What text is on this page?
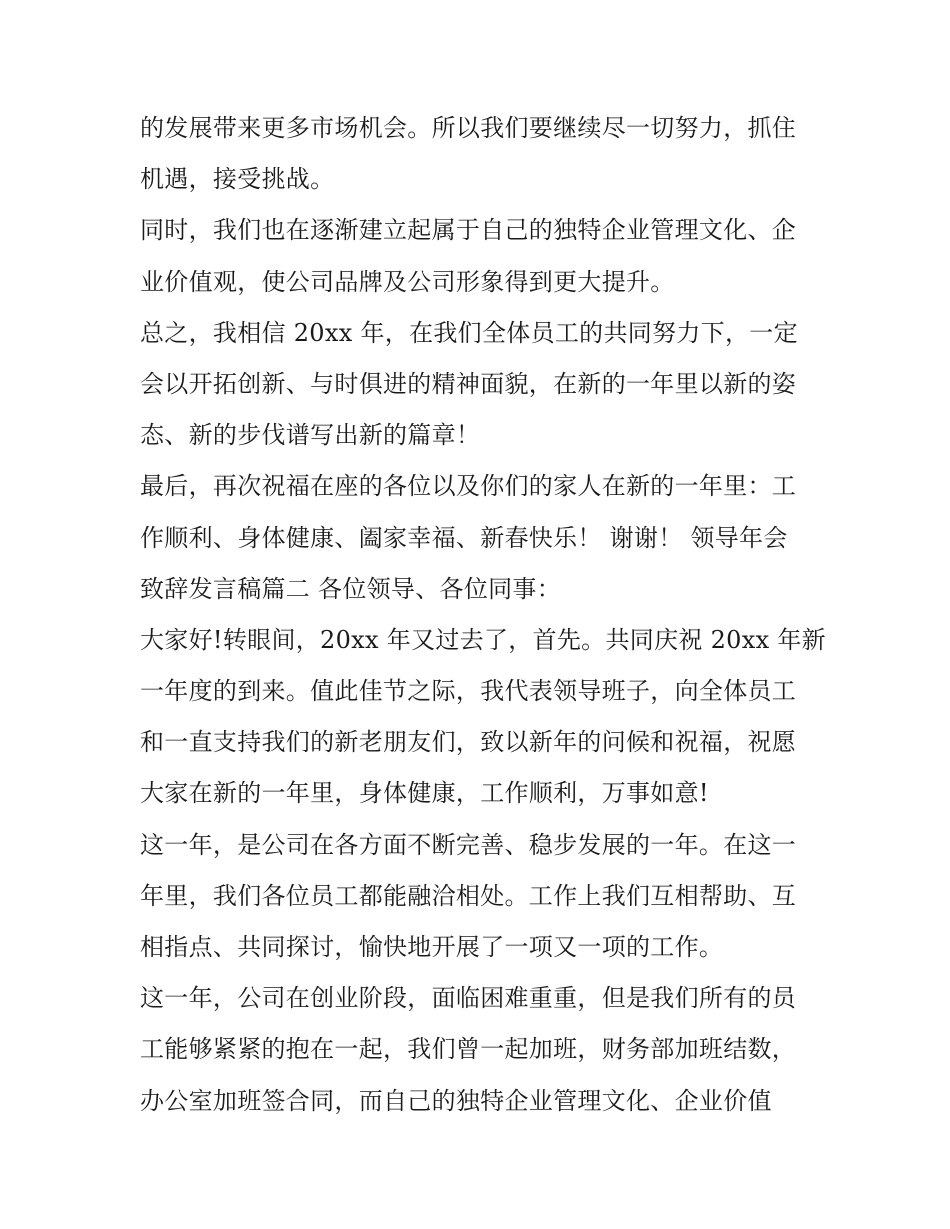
的发展带来更多市场机会。所以我们要继续尽一切努力，抓住
机遇，接受挑战。
同时，我们也在逐渐建立起属于自己的独特企业管理文化、企
业价值观，使公司品牌及公司形象得到更大提升。
总之，我相信 20xx 年，在我们全体员工的共同努力下，一定
会以开拓创新、与时俱进的精神面貌，在新的一年里以新的姿
态、新的步伐谱写出新的篇章！
最后，再次祝福在座的各位以及你们的家人在新的一年里：工
作顺利、身体健康、阖家幸福、新春快乐！ 谢谢！ 领导年会
致辞发言稿篇二 各位领导、各位同事：
大家好!转眼间，20xx 年又过去了，首先。共同庆祝 20xx 年新
一年度的到来。值此佳节之际，我代表领导班子，向全体员工
和一直支持我们的新老朋友们，致以新年的问候和祝福，祝愿
大家在新的一年里，身体健康，工作顺利，万事如意!
这一年，是公司在各方面不断完善、稳步发展的一年。在这一
年里，我们各位员工都能融洽相处。工作上我们互相帮助、互
相指点、共同探讨，愉快地开展了一项又一项的工作。
这一年，公司在创业阶段，面临困难重重，但是我们所有的员
工能够紧紧的抱在一起，我们曾一起加班，财务部加班结数，
办公室加班签合同，而自己的独特企业管理文化、企业价值
